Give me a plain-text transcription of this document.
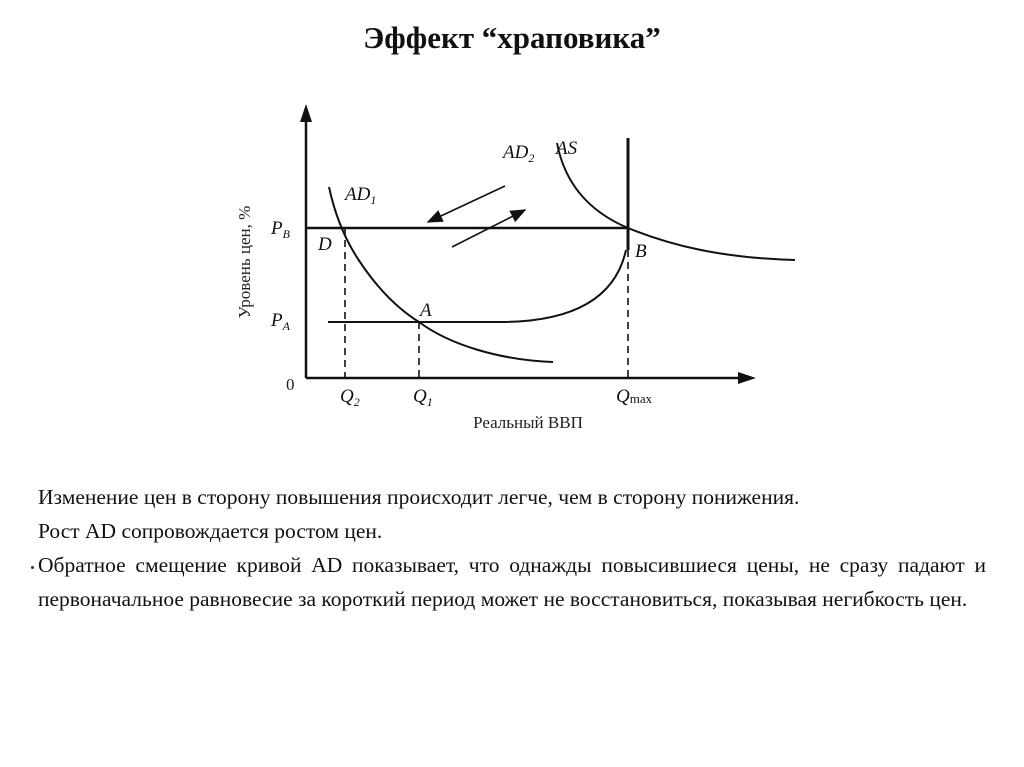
Эффект “храповика”
$AD_2$ AS
$AD_1$
$P_B$ D	B
$P_A$
A
0
$Q_2$	$Q_1$	Qmax
Реальный ВВП
Уровень цен, %

Изменение цен в сторону повышения происходит легче, чем в сторону понижения.

Рост AD сопровождается ростом цен.

Обратное смещение кривой AD показывает, что однажды повысившиеся цены, не сразу падают и первоначальное равновесие за короткий период может не восстановиться, показывая негибкость цен.
